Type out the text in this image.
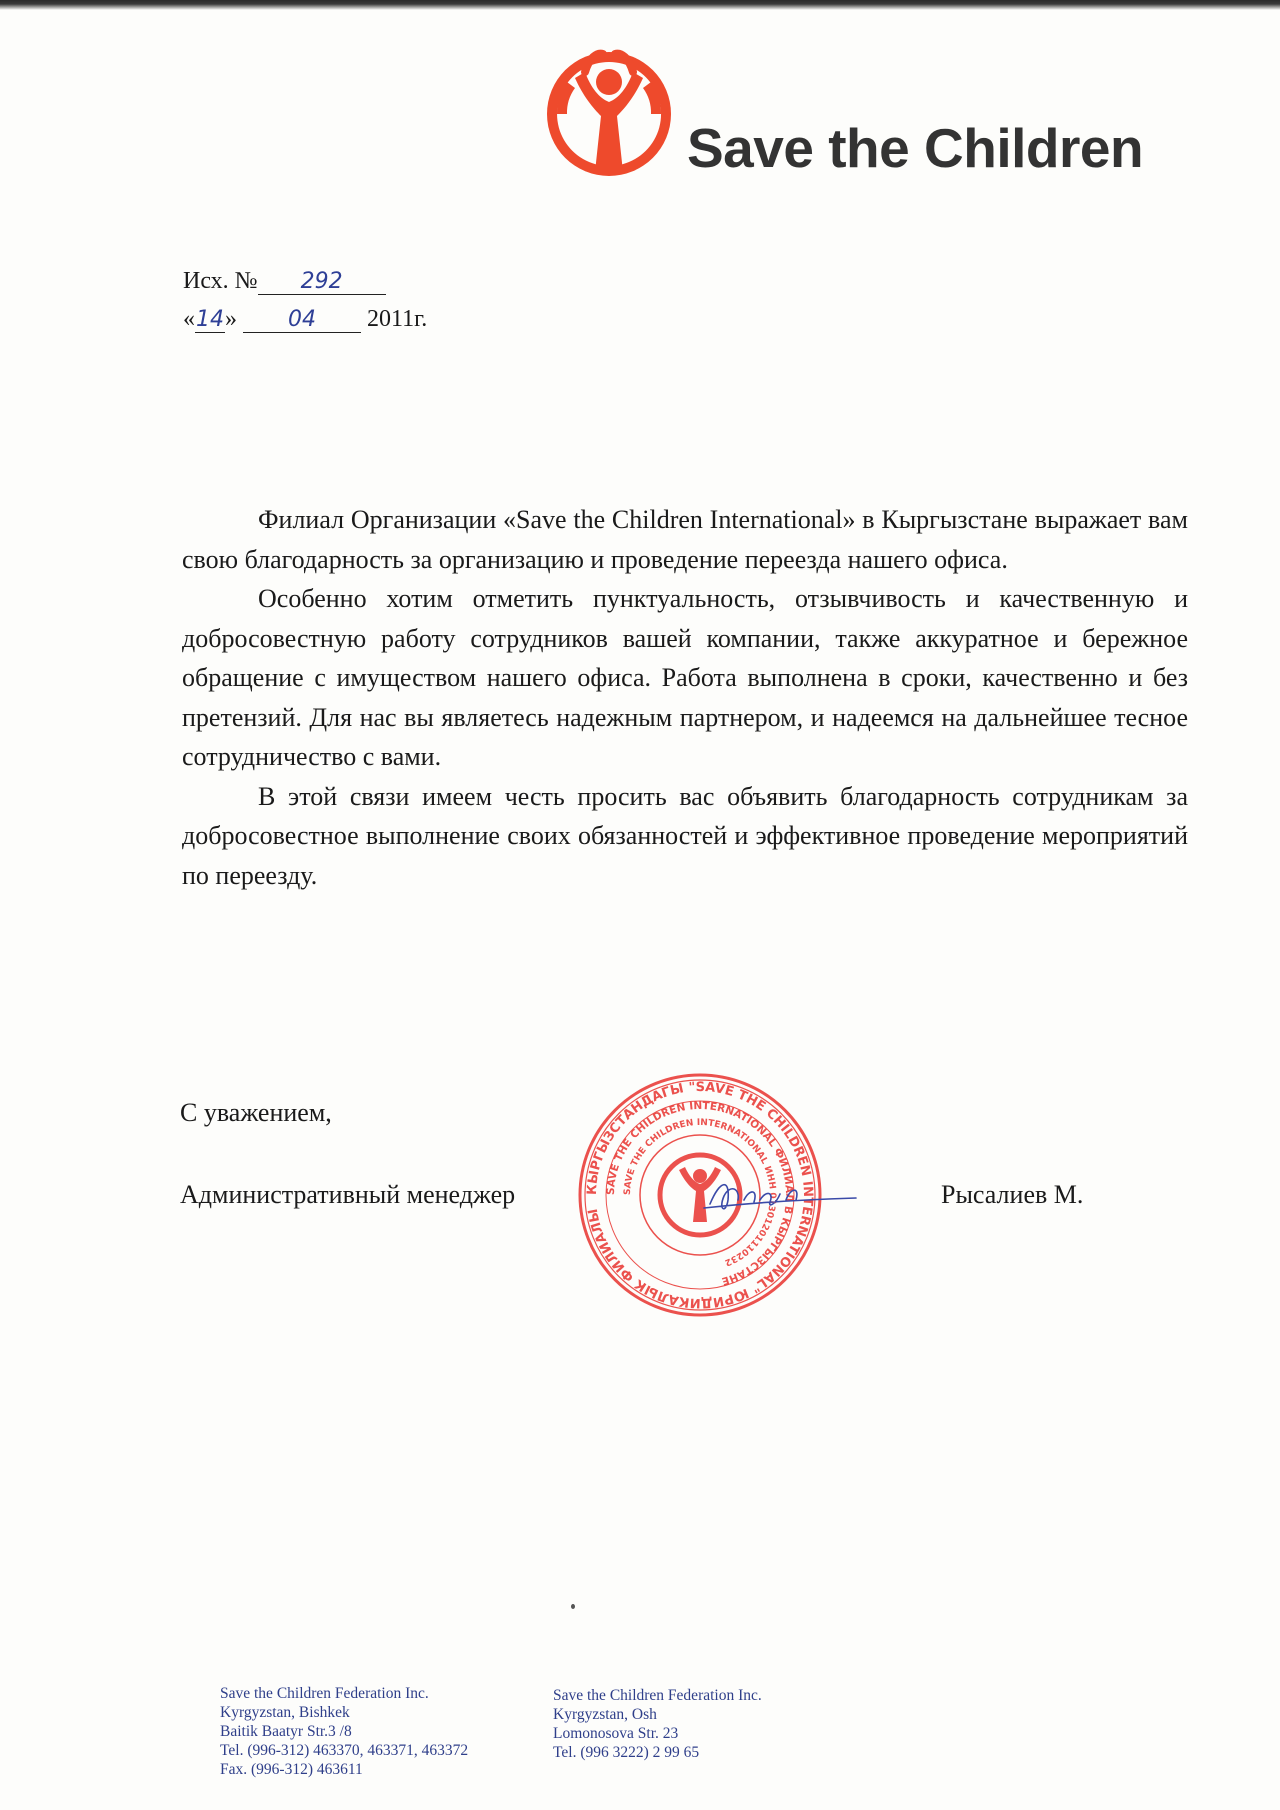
Save the Children
Исх. № 292
«14» 04 2011г.

Филиал Организации «Save the Children International» в Кыргызстане выражает вам свою благодарность за организацию и проведение переезда нашего офиса.

Особенно хотим отметить пунктуальность, отзывчивость и качественную и добросовестную работу сотрудников вашей компании, также аккуратное и бережное обращение с имуществом нашего офиса. Работа выполнена в сроки, качественно и без претензий. Для нас вы являетесь надежным партнером, и надеемся на дальнейшее тесное сотрудничество с вами.

В этой связи имеем честь просить вас объявить благодарность сотрудникам за добросовестное выполнение своих обязанностей и эффективное проведение мероприятий по переезду.

С уважением,
Административный менеджер	Рысалиев М.
КЫРГЫЗСТАНДАГЫ "SAVE THE CHILDREN INTERNATIONAL" ЮРИДИКАЛЫК ФИЛИАЛЫ
SAVE THE CHILDREN INTERNATIONAL ФИЛИАЛ В КЫРГЫЗСТАНЕ
SAVE THE CHILDREN INTERNATIONAL ИНН 01301201110232
Save the Children Federation Inc.
Kyrgyzstan, Bishkek
Baitik Baatyr Str.3 /8
Tel. (996-312) 463370, 463371, 463372
Fax. (996-312) 463611
Save the Children Federation Inc.
Kyrgyzstan, Osh
Lomonosova Str. 23
Tel. (996 3222) 2 99 65
